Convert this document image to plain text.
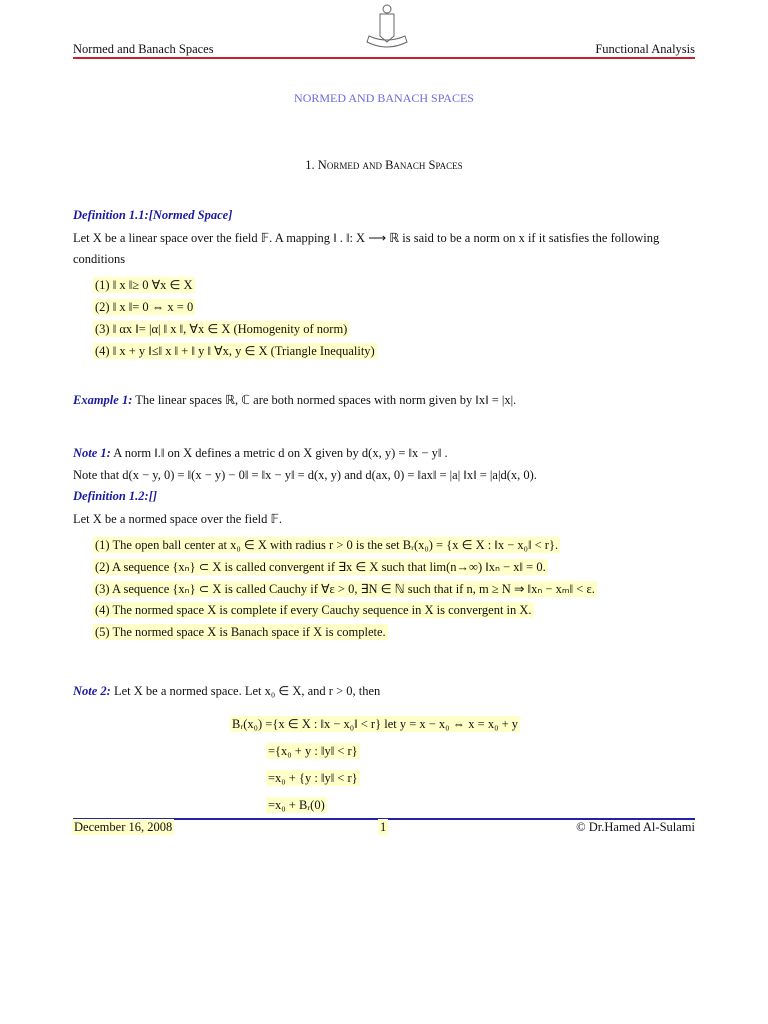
Normed and Banach Spaces	Functional Analysis
NORMED AND BANACH SPACES
1. Normed and Banach Spaces
Definition 1.1:[Normed Space]
Let X be a linear space over the field 𝔽. A mapping ‖ . ‖: X ⟶ ℝ is said to be a norm on x if it satisfies the following
conditions
(1) ‖ x ‖≥ 0 ∀x ∈ X
(2) ‖ x ‖= 0 ⇔ x = 0
(3) ‖ αx ‖= |α| ‖ x ‖, ∀x ∈ X (Homogenity of norm)
(4) ‖ x + y ‖≤‖ x ‖ + ‖ y ‖ ∀x, y ∈ X (Triangle Inequality)
Example 1: The linear spaces ℝ, ℂ are both normed spaces with norm given by ‖x‖ = |x|.
Note 1: A norm ‖.‖ on X defines a metric d on X given by d(x, y) = ‖x − y‖ .
Note that d(x − y, 0) = ‖(x − y) − 0‖ = ‖x − y‖ = d(x, y) and d(ax, 0) = ‖ax‖ = |a| ‖x‖ = |a|d(x, 0).
Definition 1.2:[]
Let X be a normed space over the field 𝔽.
(1) The open ball center at x₀ ∈ X with radius r > 0 is the set Bᵣ(x₀) = {x ∈ X : ‖x − x₀‖ < r}.
(2) A sequence {xₙ} ⊂ X is called convergent if ∃x ∈ X such that lim(n→∞) ‖xₙ − x‖ = 0.
(3) A sequence {xₙ} ⊂ X is called Cauchy if ∀ε > 0, ∃N ∈ ℕ such that if n, m ≥ N ⇒ ‖xₙ − xₘ‖ < ε.
(4) The normed space X is complete if every Cauchy sequence in X is convergent in X.
(5) The normed space X is Banach space if X is complete.
Note 2: Let X be a normed space. Let x₀ ∈ X, and r > 0, then
Bᵣ(x₀) ={x ∈ X : ‖x − x₀‖ < r} let y = x − x₀ ⇔ x = x₀ + y
={x₀ + y : ‖y‖ < r}
=x₀ + {y : ‖y‖ < r}
=x₀ + Bᵣ(0)
December 16, 2008	1	© Dr.Hamed Al-Sulami
